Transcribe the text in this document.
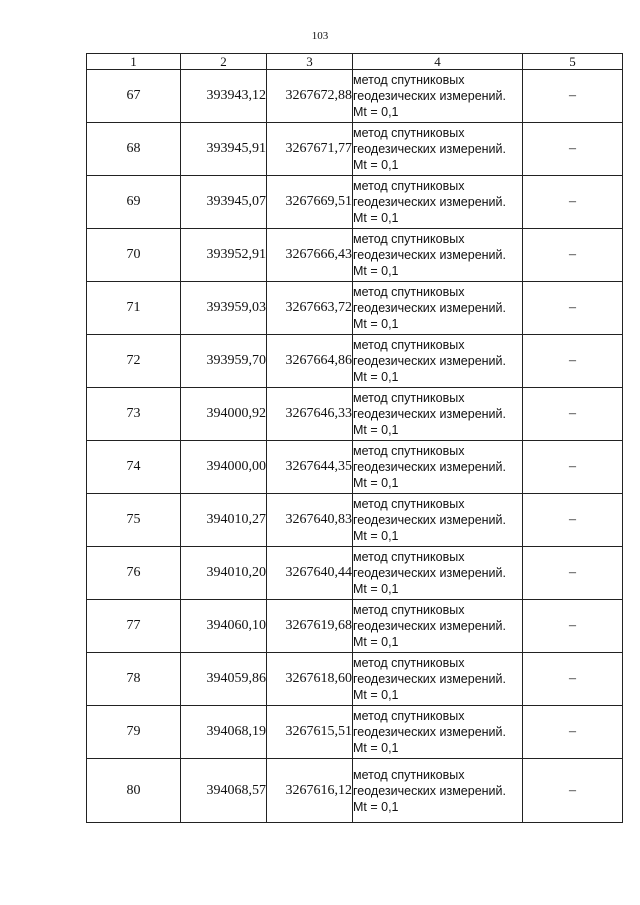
103
1	2	3	4	5
67	393943,12	3267672,88	метод спутниковых геодезических измерений. Mt = 0,1	–
68	393945,91	3267671,77	метод спутниковых геодезических измерений. Mt = 0,1	–
69	393945,07	3267669,51	метод спутниковых геодезических измерений. Mt = 0,1	–
70	393952,91	3267666,43	метод спутниковых геодезических измерений. Mt = 0,1	–
71	393959,03	3267663,72	метод спутниковых геодезических измерений. Mt = 0,1	–
72	393959,70	3267664,86	метод спутниковых геодезических измерений. Mt = 0,1	–
73	394000,92	3267646,33	метод спутниковых геодезических измерений. Mt = 0,1	–
74	394000,00	3267644,35	метод спутниковых геодезических измерений. Mt = 0,1	–
75	394010,27	3267640,83	метод спутниковых геодезических измерений. Mt = 0,1	–
76	394010,20	3267640,44	метод спутниковых геодезических измерений. Mt = 0,1	–
77	394060,10	3267619,68	метод спутниковых геодезических измерений. Mt = 0,1	–
78	394059,86	3267618,60	метод спутниковых геодезических измерений. Mt = 0,1	–
79	394068,19	3267615,51	метод спутниковых геодезических измерений. Mt = 0,1	–
80	394068,57	3267616,12	метод спутниковых геодезических измерений. Mt = 0,1	–
